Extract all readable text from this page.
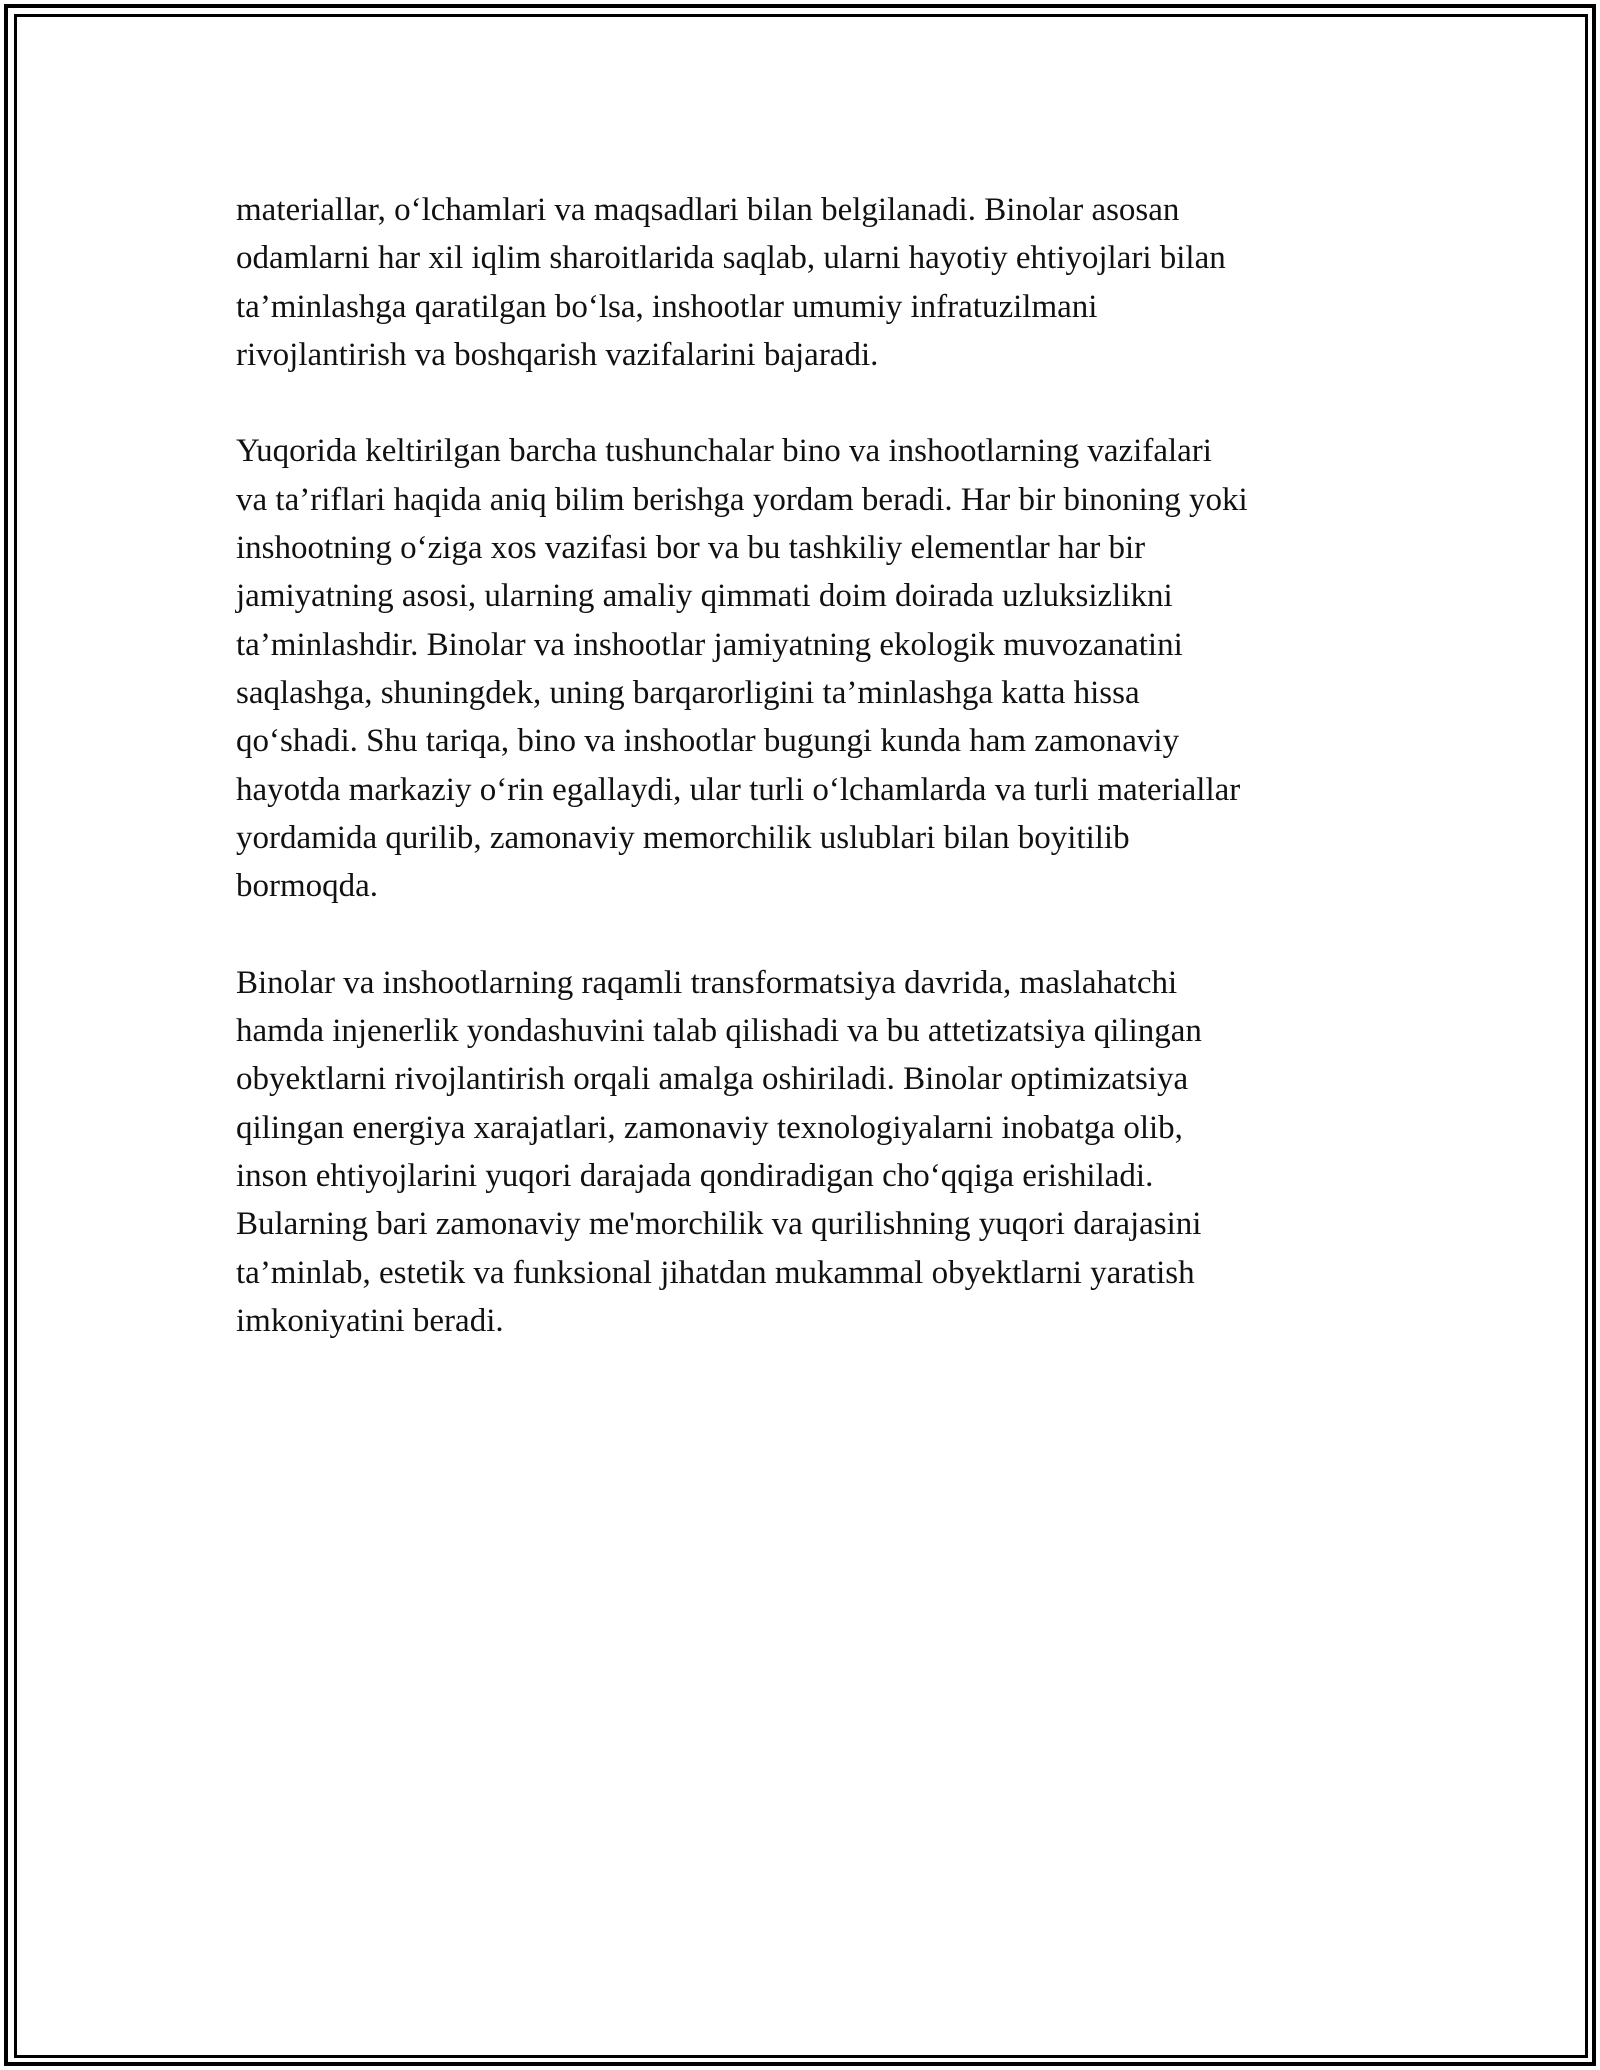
materiallar, o‘lchamlari va maqsadlari bilan belgilanadi. Binolar asosan
odamlarni har xil iqlim sharoitlarida saqlab, ularni hayotiy ehtiyojlari bilan
ta’minlashga qaratilgan bo‘lsa, inshootlar umumiy infratuzilmani
rivojlantirish va boshqarish vazifalarini bajaradi.

Yuqorida keltirilgan barcha tushunchalar bino va inshootlarning vazifalari
va ta’riflari haqida aniq bilim berishga yordam beradi. Har bir binoning yoki
inshootning o‘ziga xos vazifasi bor va bu tashkiliy elementlar har bir
jamiyatning asosi, ularning amaliy qimmati doim doirada uzluksizlikni
ta’minlashdir. Binolar va inshootlar jamiyatning ekologik muvozanatini
saqlashga, shuningdek, uning barqarorligini ta’minlashga katta hissa
qo‘shadi. Shu tariqa, bino va inshootlar bugungi kunda ham zamonaviy
hayotda markaziy o‘rin egallaydi, ular turli o‘lchamlarda va turli materiallar
yordamida qurilib, zamonaviy memorchilik uslublari bilan boyitilib
bormoqda.

Binolar va inshootlarning raqamli transformatsiya davrida, maslahatchi
hamda injenerlik yondashuvini talab qilishadi va bu attetizatsiya qilingan
obyektlarni rivojlantirish orqali amalga oshiriladi. Binolar optimizatsiya
qilingan energiya xarajatlari, zamonaviy texnologiyalarni inobatga olib,
inson ehtiyojlarini yuqori darajada qondiradigan cho‘qqiga erishiladi.
Bularning bari zamonaviy me'morchilik va qurilishning yuqori darajasini
ta’minlab, estetik va funksional jihatdan mukammal obyektlarni yaratish
imkoniyatini beradi.
